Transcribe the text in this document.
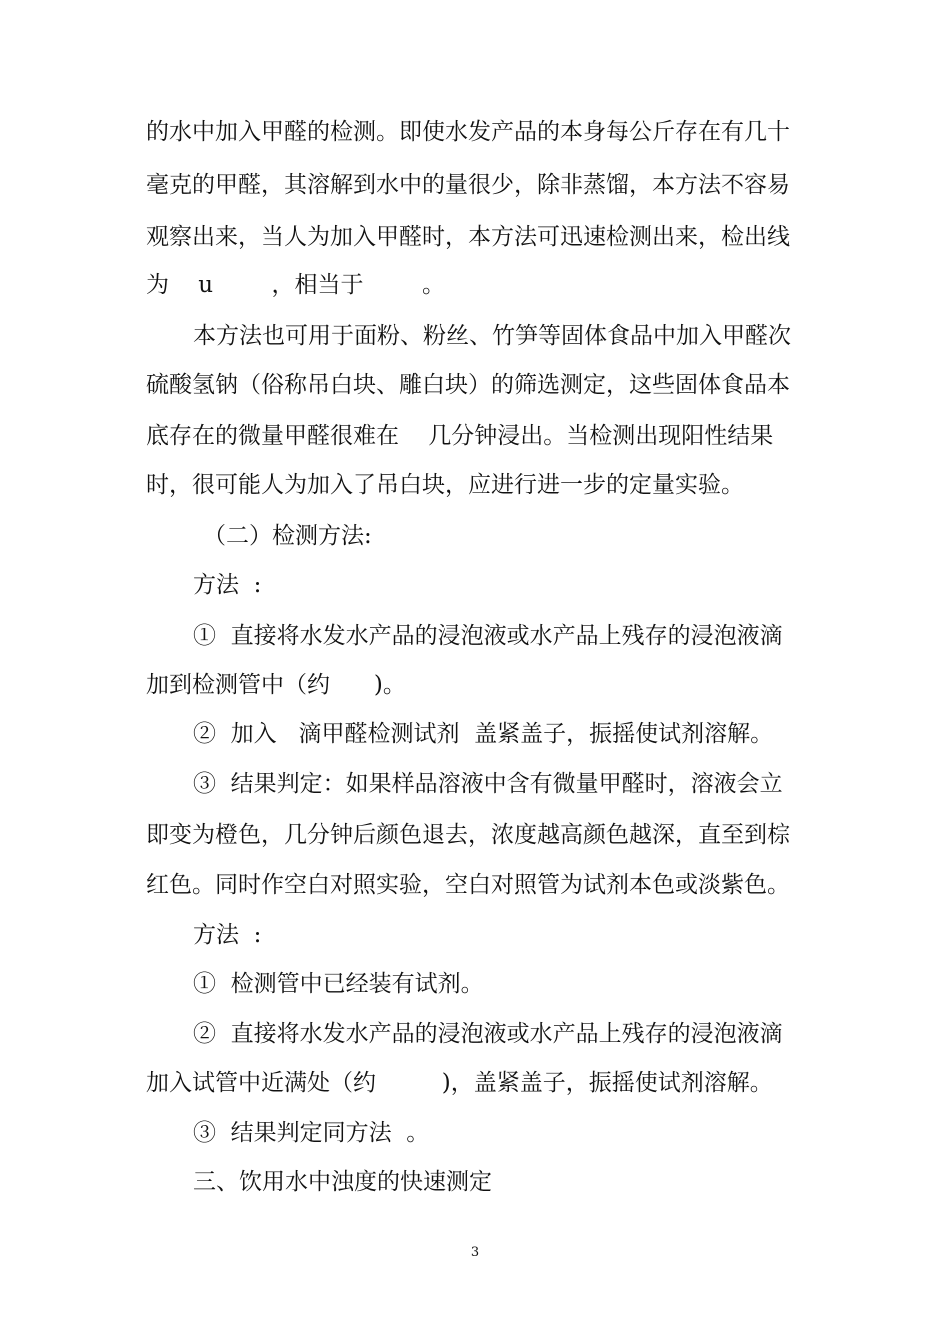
的水中加入甲醛的检测。即使水发产品的本身每公斤存在有几十
毫克的甲醛，其溶解到水中的量很少，除非蒸馏，本方法不容易
观察出来，当人为加入甲醛时，本方法可迅速检测出来，检出线
为    u        ，相当于        。
本方法也可用于面粉、粉丝、竹笋等固体食品中加入甲醛次
硫酸氢钠（俗称吊白块、雕白块）的筛选测定，这些固体食品本
底存在的微量甲醛很难在    几分钟浸出。当检测出现阳性结果
时，很可能人为加入了吊白块，应进行进一步的定量实验。
（二）检测方法:
方法  :
①  直接将水发水产品的浸泡液或水产品上残存的浸泡液滴
加到检测管中（约      )。
②  加入   滴甲醛检测试剂  盖紧盖子，振摇使试剂溶解。
③  结果判定：如果样品溶液中含有微量甲醛时，溶液会立
即变为橙色，几分钟后颜色退去，浓度越高颜色越深，直至到棕
红色。同时作空白对照实验，空白对照管为试剂本色或淡紫色。
方法  :
①  检测管中已经装有试剂。
②  直接将水发水产品的浸泡液或水产品上残存的浸泡液滴
加入试管中近满处（约         )，盖紧盖子，振摇使试剂溶解。
③  结果判定同方法  。
三、饮用水中浊度的快速测定
3
